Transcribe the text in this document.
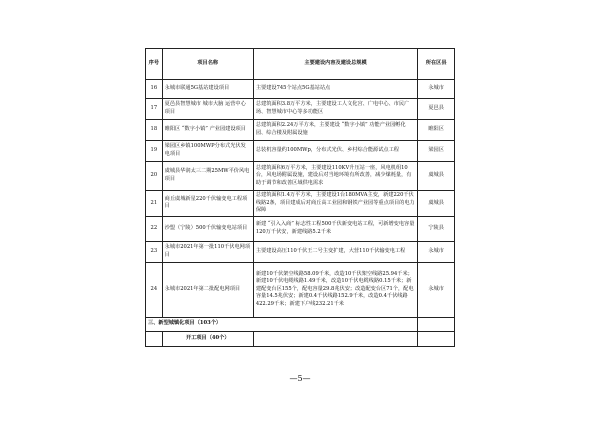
序号	项目名称	主要建设内容及建设总规模	所在区县
16	永城市联通5G基站建设项目	主要建设745个站点5G基站站点	永城市
17	夏邑县智慧城市 城市大脑 运营中心项目	总建筑面积3.8万平方米，主要建设工人文化宫、广电中心、市民广场、智慧城市中心等多功能区	夏邑县
18	睢阳区 “数字小镇” 产业园建设项目	总建筑面积2.24万平方米，主要建设 “数字小镇” 功能产业园孵化园、综合楼及附属设施	睢阳区
19	梁园区乡镇100MWP分布式光伏发电项目	总装机容量约100MWp，分布式光伏、乡村综合能源试点工程	梁园区
20	虞城县华润太三二期25MW平价风电项目	总建筑面积6万平方米，主要建设110KV升压站一座，风电机组10台，风电场附属设施，建设后对当地环境有所改善，减少煤耗量，有助于调节和改善区域供电需求	虞城县
21	商丘虞城新星220千伏输变电工程项目	总建筑面积1.4万平方米，主要建设1台180MVA主变，新建220千伏线路2条，项目建成后对商丘高工业园和钢铁产业园等重点项目的电力保障	虞城县
22	沙盟（宁陵）500千伏输变电站项目	新建 “引入入商” 标志性工程500千伏新变电站工程，可新增变电容量120万千伏安，新建线路5.2千米	宁陵县
23	永城市2021年第一批110千伏电网项目	主要建设高压110千伏王二号主变扩建，大营110千伏输变电工程	永城市
24	永城市2021年第二批配电网项目	新建10千伏架空线路58.09千米，改造10千伏架空线路25.94千米；新建10千伏电缆线路1.49千米，改造10千伏电缆线路0.15千米；新建配变台区155个，配电容量29.8兆伏安；改造配变台区71个，配电容量14.5兆伏安；新建0.4千伏线路152.9千米，改造0.4千伏线路422.29千米；新建下户线232.21千米	永城市
三、新型城镇化项目（103个）			
	开工项目（40个）		
—5—
